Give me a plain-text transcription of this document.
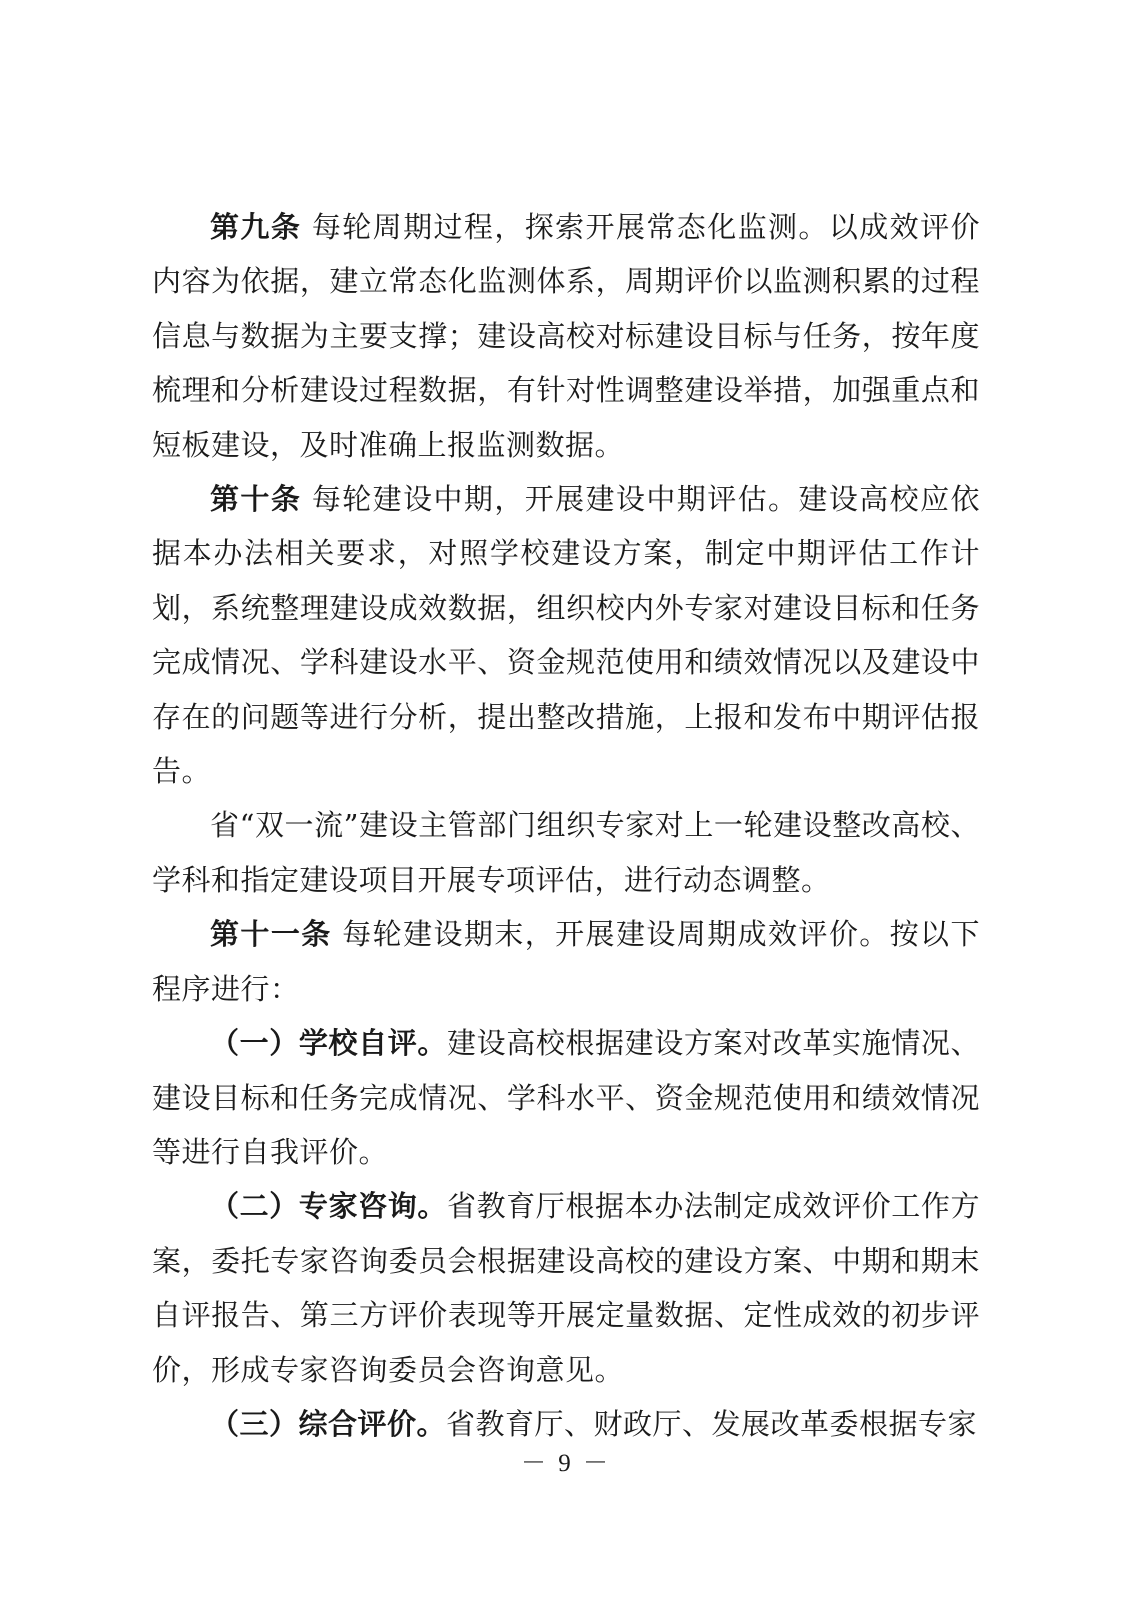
第九条 每轮周期过程，探索开展常态化监测。以成效评价内容为依据，建立常态化监测体系，周期评价以监测积累的过程信息与数据为主要支撑；建设高校对标建设目标与任务，按年度梳理和分析建设过程数据，有针对性调整建设举措，加强重点和短板建设，及时准确上报监测数据。

第十条 每轮建设中期，开展建设中期评估。建设高校应依据本办法相关要求，对照学校建设方案，制定中期评估工作计划，系统整理建设成效数据，组织校内外专家对建设目标和任务完成情况、学科建设水平、资金规范使用和绩效情况以及建设中存在的问题等进行分析，提出整改措施，上报和发布中期评估报告。

省“双一流”建设主管部门组织专家对上一轮建设整改高校、学科和指定建设项目开展专项评估，进行动态调整。

第十一条 每轮建设期末，开展建设周期成效评价。按以下程序进行：

（一）学校自评。建设高校根据建设方案对改革实施情况、建设目标和任务完成情况、学科水平、资金规范使用和绩效情况等进行自我评价。

（二）专家咨询。省教育厅根据本办法制定成效评价工作方案，委托专家咨询委员会根据建设高校的建设方案、中期和期末自评报告、第三方评价表现等开展定量数据、定性成效的初步评价，形成专家咨询委员会咨询意见。

（三）综合评价。省教育厅、财政厅、发展改革委根据专家

－ 9 －
